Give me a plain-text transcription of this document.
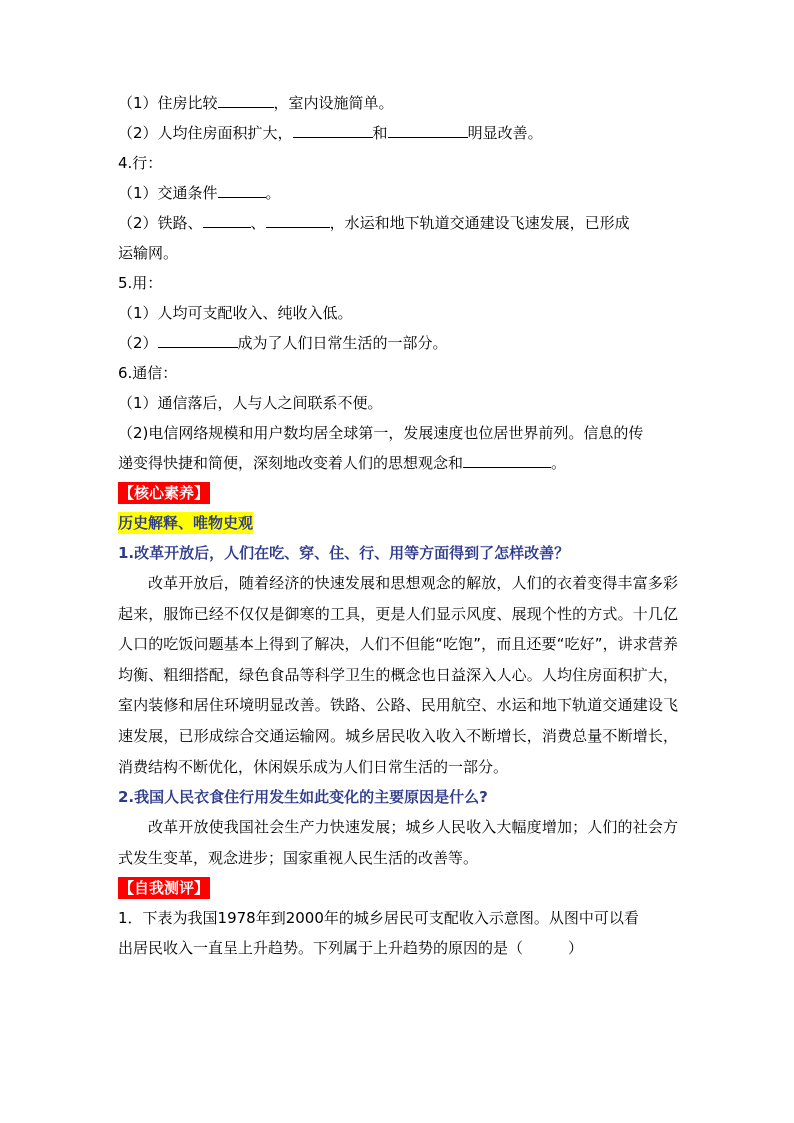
（1）住房比较	，室内设施简单。
（2）人均住房面积扩大，	和	明显改善。
4.行：
（1）交通条件	。
（2）铁路、	、	，水运和地下轨道交通建设飞速发展，已形成
运输网。
5.用：
（1）人均可支配收入、纯收入低。
（2）	成为了人们日常生活的一部分。
6.通信：
（1）通信落后，人与人之间联系不便。
（2)电信网络规模和用户数均居全球第一，发展速度也位居世界前列。信息的传
递变得快捷和简便，深刻地改变着人们的思想观念和	。
【核心素养】
历史解释、唯物史观
1.改革开放后，人们在吃、穿、住、行、用等方面得到了怎样改善？
改革开放后，随着经济的快速发展和思想观念的解放，人们的衣着变得丰富多彩起来，服饰已经不仅仅是御寒的工具，更是人们显示风度、展现个性的方式。十几亿人口的吃饭问题基本上得到了解决，人们不但能“吃饱”，而且还要“吃好”，讲求营养均衡、粗细搭配，绿色食品等科学卫生的概念也日益深入人心。人均住房面积扩大，室内装修和居住环境明显改善。铁路、公路、民用航空、水运和地下轨道交通建设飞速发展，已形成综合交通运输网。城乡居民收入收入不断增长，消费总量不断增长，消费结构不断优化，休闲娱乐成为人们日常生活的一部分。
2.我国人民衣食住行用发生如此变化的主要原因是什么?
改革开放使我国社会生产力快速发展；城乡人民收入大幅度增加；人们的社会方式发生变革，观念进步；国家重视人民生活的改善等。
【自我测评】
1．下表为我国1978年到2000年的城乡居民可支配收入示意图。从图中可以看
出居民收入一直呈上升趋势。下列属于上升趋势的原因的是（　　　）
